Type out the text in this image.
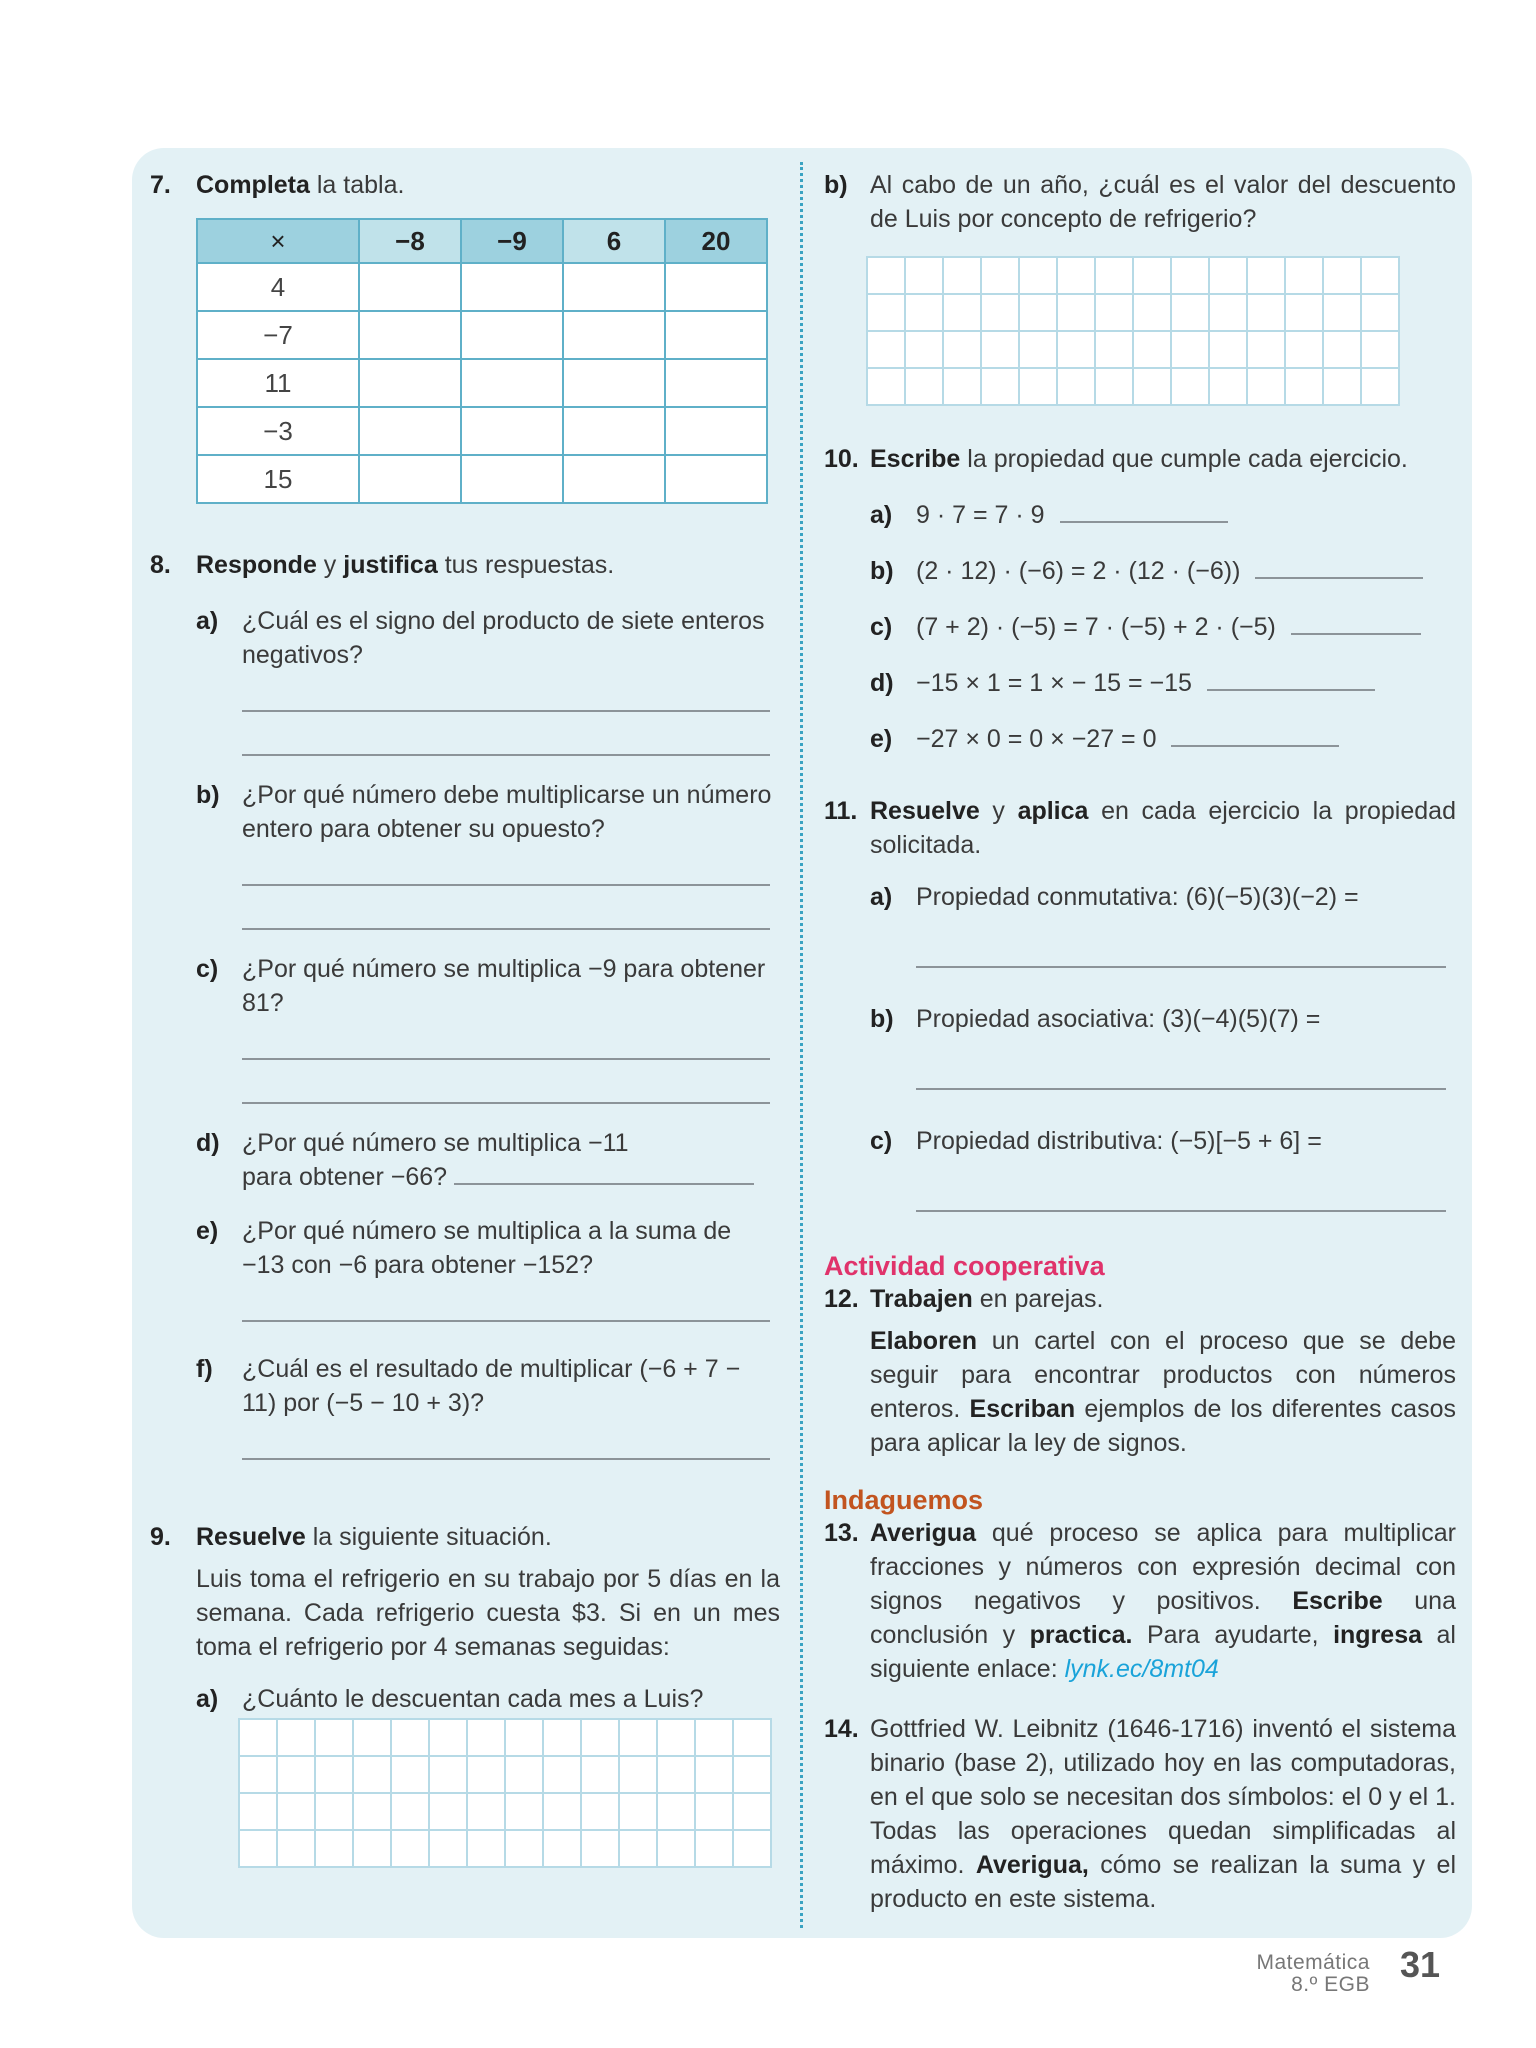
7.	Completa la tabla.
×	−8	−9	6	20
4				
−7				
11				
−3				
15				
8.	Responde y justifica tus respuestas.
a) ¿Cuál es el signo del producto de siete enteros negativos?
b) ¿Por qué número debe multiplicarse un número entero para obtener su opuesto?
c) ¿Por qué número se multiplica −9 para obtener 81?
d) ¿Por qué número se multiplica −11
para obtener −66?
e) ¿Por qué número se multiplica a la suma de −13 con −6 para obtener −152?
f)	¿Cuál es el resultado de multiplicar (−6 + 7 − 11) por (−5 − 10 + 3)?
9.	Resuelve la siguiente situación.
Luis toma el refrigerio en su trabajo por 5 días en la semana. Cada refrigerio cuesta $3. Si en un mes toma el refrigerio por 4 semanas seguidas:
a) ¿Cuánto le descuentan cada mes a Luis?
b) Al cabo de un año, ¿cuál es el valor del descuento de Luis por concepto de refrigerio?
10. Escribe la propiedad que cumple cada ejercicio.
a) 9 · 7 = 7 · 9
b) (2 · 12) · (−6) = 2 · (12 · (−6))
c) (7 + 2) · (−5) = 7 · (−5) + 2 · (−5)
d) −15 × 1 = 1 × − 15 = −15
e) −27 × 0 = 0 × −27 = 0
11. Resuelve y aplica en cada ejercicio la propiedad solicitada.
a) Propiedad conmutativa: (6)(−5)(3)(−2) =
b) Propiedad asociativa: (3)(−4)(5)(7) =
c) Propiedad distributiva: (−5)[−5 + 6] =
Actividad cooperativa
12. Trabajen en parejas.
Elaboren un cartel con el proceso que se debe seguir para encontrar productos con números enteros. Escriban ejemplos de los diferentes casos para aplicar la ley de signos.
Indaguemos
13. Averigua qué proceso se aplica para multiplicar fracciones y números con expresión decimal con signos negativos y positivos. Escribe una conclusión y practica. Para ayudarte, ingresa al siguiente enlace: lynk.ec/8mt04
14. Gottfried W. Leibnitz (1646-1716) inventó el sistema binario (base 2), utilizado hoy en las computadoras, en el que solo se necesitan dos símbolos: el 0 y el 1. Todas las operaciones quedan simplificadas al máximo. Averigua, cómo se realizan la suma y el producto en este sistema.
Matemática
8.º EGB 31
